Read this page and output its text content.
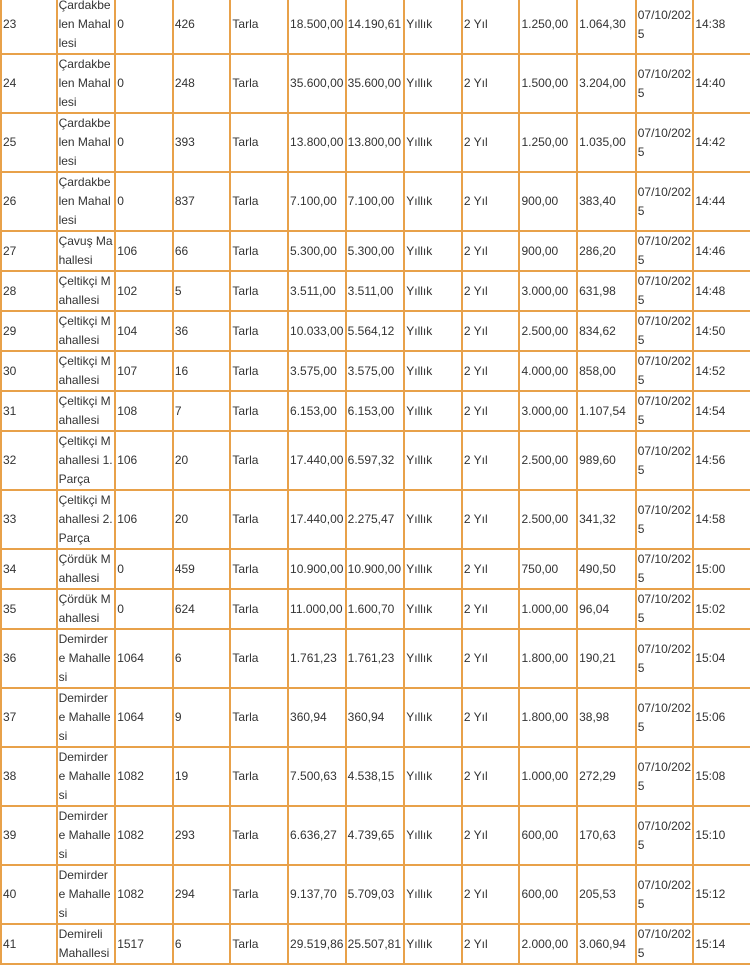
23	Çardakbelen Mahallesi	0	426	Tarla	18.500,00	14.190,61	Yıllık	2 Yıl	1.250,00	1.064,30	07/10/2025	14:38
24	Çardakbelen Mahallesi	0	248	Tarla	35.600,00	35.600,00	Yıllık	2 Yıl	1.500,00	3.204,00	07/10/2025	14:40
25	Çardakbelen Mahallesi	0	393	Tarla	13.800,00	13.800,00	Yıllık	2 Yıl	1.250,00	1.035,00	07/10/2025	14:42
26	Çardakbelen Mahallesi	0	837	Tarla	7.100,00	7.100,00	Yıllık	2 Yıl	900,00	383,40	07/10/2025	14:44
27	Çavuş Mahallesi	106	66	Tarla	5.300,00	5.300,00	Yıllık	2 Yıl	900,00	286,20	07/10/2025	14:46
28	Çeltikçi Mahallesi	102	5	Tarla	3.511,00	3.511,00	Yıllık	2 Yıl	3.000,00	631,98	07/10/2025	14:48
29	Çeltikçi Mahallesi	104	36	Tarla	10.033,00	5.564,12	Yıllık	2 Yıl	2.500,00	834,62	07/10/2025	14:50
30	Çeltikçi Mahallesi	107	16	Tarla	3.575,00	3.575,00	Yıllık	2 Yıl	4.000,00	858,00	07/10/2025	14:52
31	Çeltikçi Mahallesi	108	7	Tarla	6.153,00	6.153,00	Yıllık	2 Yıl	3.000,00	1.107,54	07/10/2025	14:54
32	Çeltikçi Mahallesi 1.Parça	106	20	Tarla	17.440,00	6.597,32	Yıllık	2 Yıl	2.500,00	989,60	07/10/2025	14:56
33	Çeltikçi Mahallesi 2.Parça	106	20	Tarla	17.440,00	2.275,47	Yıllık	2 Yıl	2.500,00	341,32	07/10/2025	14:58
34	Çördük Mahallesi	0	459	Tarla	10.900,00	10.900,00	Yıllık	2 Yıl	750,00	490,50	07/10/2025	15:00
35	Çördük Mahallesi	0	624	Tarla	11.000,00	1.600,70	Yıllık	2 Yıl	1.000,00	96,04	07/10/2025	15:02
36	Demirdere Mahallesi	1064	6	Tarla	1.761,23	1.761,23	Yıllık	2 Yıl	1.800,00	190,21	07/10/2025	15:04
37	Demirdere Mahallesi	1064	9	Tarla	360,94	360,94	Yıllık	2 Yıl	1.800,00	38,98	07/10/2025	15:06
38	Demirdere Mahallesi	1082	19	Tarla	7.500,63	4.538,15	Yıllık	2 Yıl	1.000,00	272,29	07/10/2025	15:08
39	Demirdere Mahallesi	1082	293	Tarla	6.636,27	4.739,65	Yıllık	2 Yıl	600,00	170,63	07/10/2025	15:10
40	Demirdere Mahallesi	1082	294	Tarla	9.137,70	5.709,03	Yıllık	2 Yıl	600,00	205,53	07/10/2025	15:12
41	Demireli Mahallesi	1517	6	Tarla	29.519,86	25.507,81	Yıllık	2 Yıl	2.000,00	3.060,94	07/10/2025	15:14
